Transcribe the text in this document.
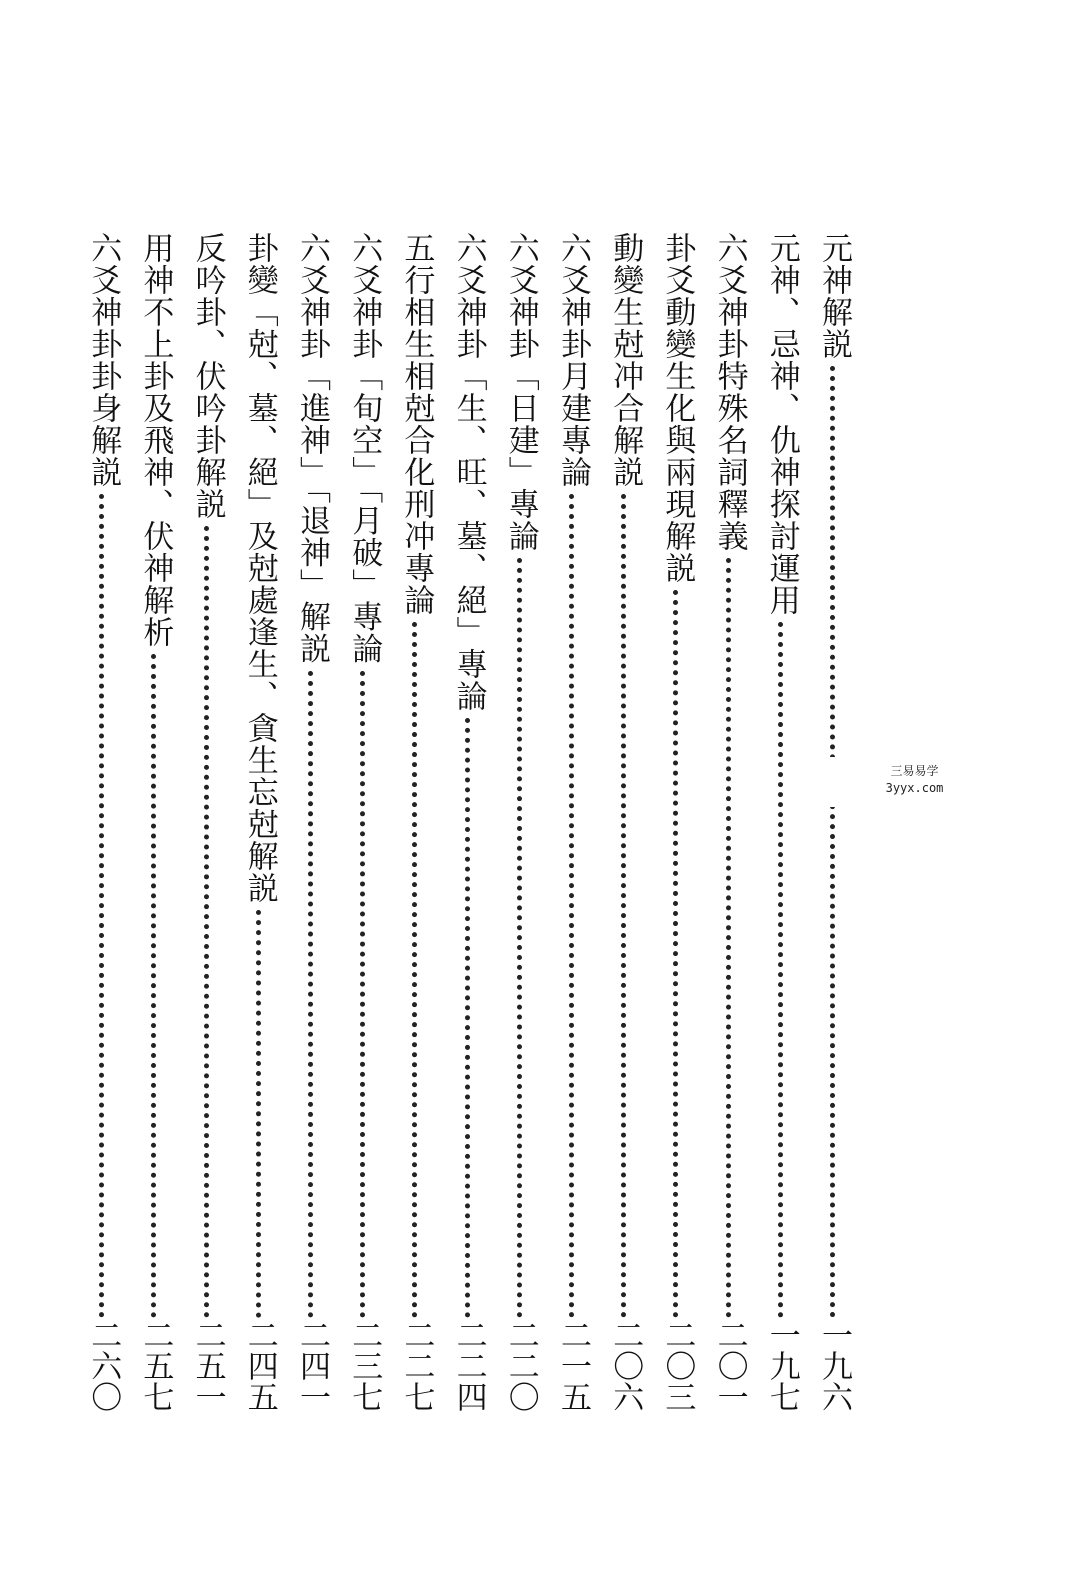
元神解説
一九六
元神、忌神、仇神探討運用
一九七
六爻神卦特殊名詞釋義
二〇一
卦爻動變生化與兩現解説
二〇三
動變生尅冲合解説
二〇六
六爻神卦月建專論
二一五
六爻神卦「日建」專論
二二〇
六爻神卦「生、旺、墓、絕」專論
二二四
五行相生相尅合化刑冲專論
二二七
六爻神卦「旬空」「月破」專論
二三七
六爻神卦「進神」「退神」解説
二四一
卦變「尅、墓、絕」及尅處逢生、貪生忘尅解説
二四五
反吟卦、伏吟卦解説
二五一
用神不上卦及飛神、伏神解析
二五七
六爻神卦卦身解説
二六〇
三易易学
3yyx.com
